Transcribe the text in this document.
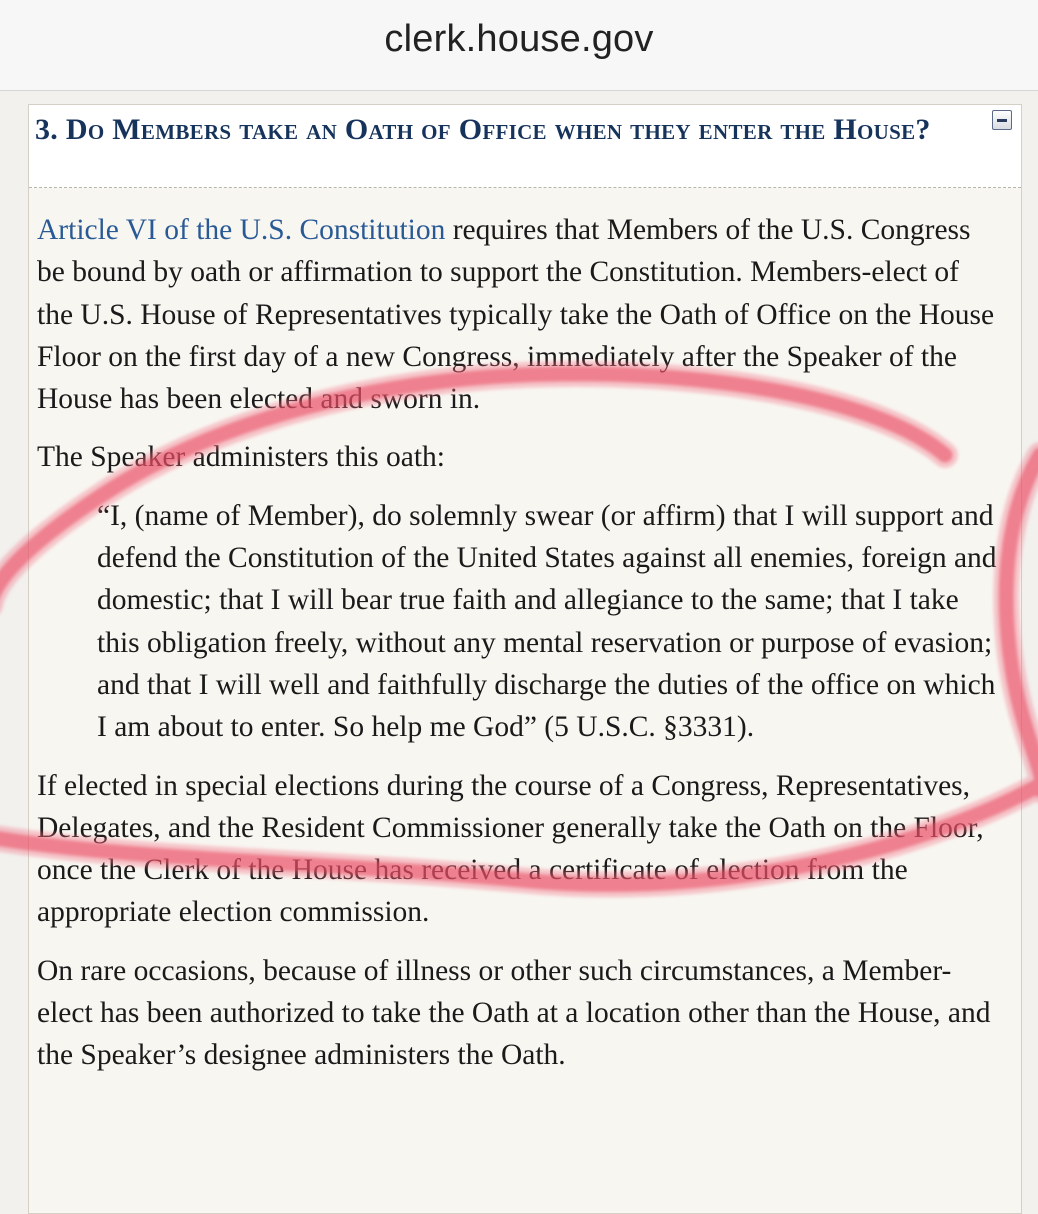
clerk.house.gov
3. Do Members take an Oath of Office when they enter the House?

Article VI of the U.S. Constitution requires that Members of the U.S. Congress be bound by oath or affirmation to support the Constitution. Members-elect of the U.S. House of Representatives typically take the Oath of Office on the House Floor on the first day of a new Congress, immediately after the Speaker of the House has been elected and sworn in.

The Speaker administers this oath:

“I, (name of Member), do solemnly swear (or affirm) that I will support and defend the Constitution of the United States against all enemies, foreign and domestic; that I will bear true faith and allegiance to the same; that I take this obligation freely, without any mental reservation or purpose of evasion; and that I will well and faithfully discharge the duties of the office on which I am about to enter. So help me God” (5 U.S.C. §3331).

If elected in special elections during the course of a Congress, Representatives, Delegates, and the Resident Commissioner generally take the Oath on the Floor, once the Clerk of the House has received a certificate of election from the appropriate election commission.

On rare occasions, because of illness or other such circumstances, a Member-elect has been authorized to take the Oath at a location other than the House, and the Speaker’s designee administers the Oath.
